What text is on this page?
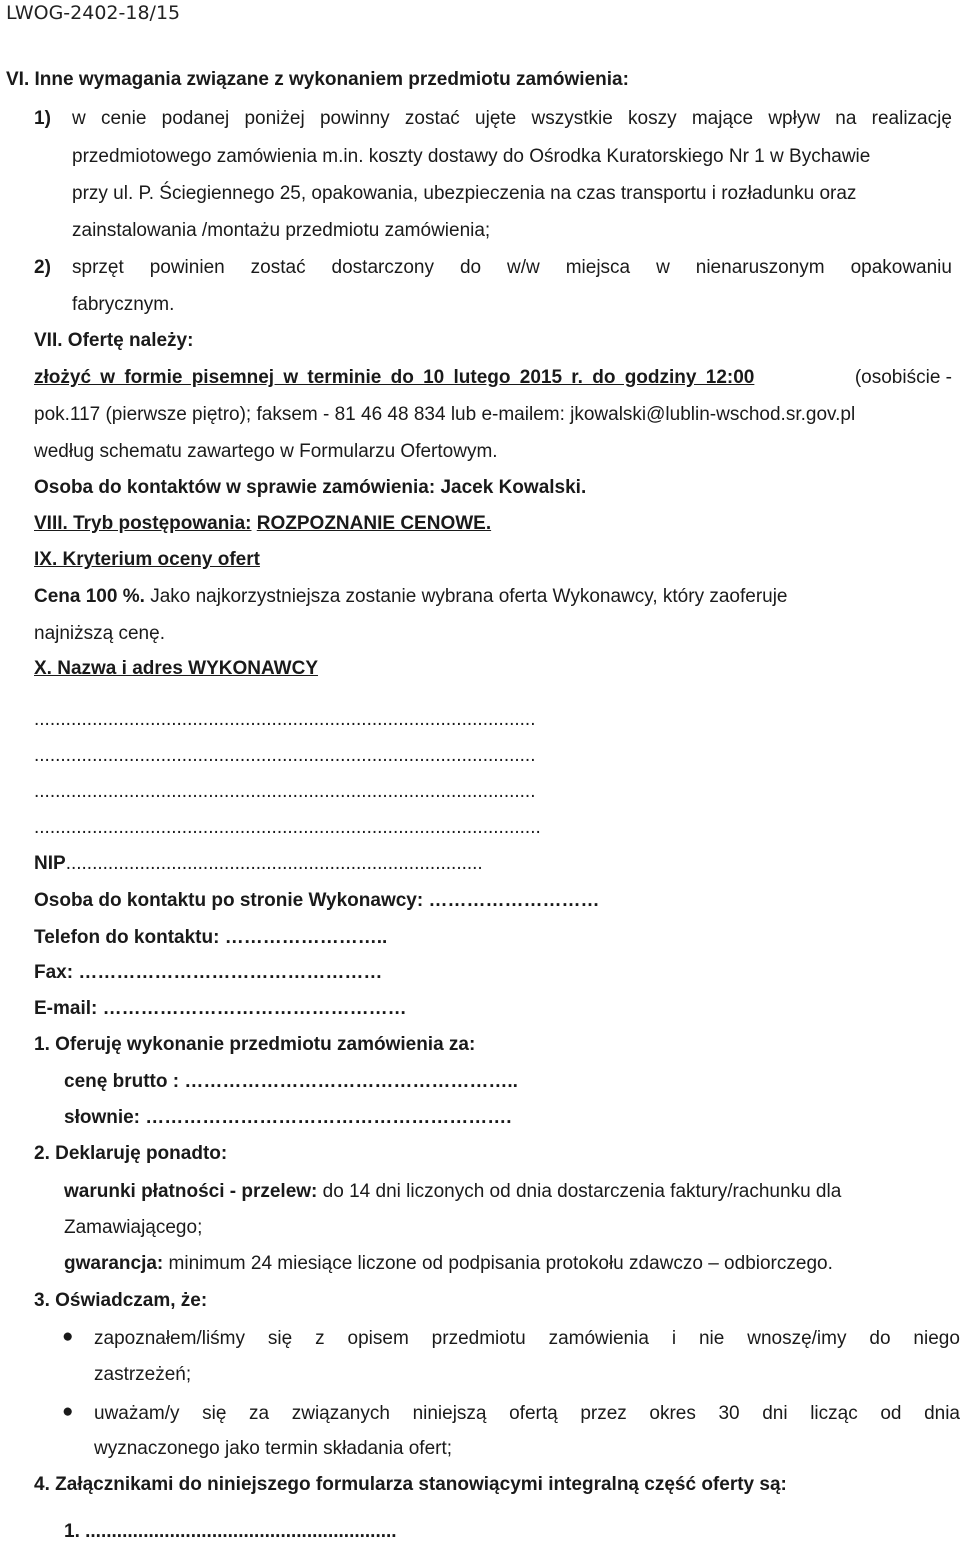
LWOG-2402-18/15
VI. Inne wymagania związane z wykonaniem przedmiotu zamówienia:
1) w cenie podanej poniżej powinny zostać ujęte wszystkie koszy mające wpływ na realizację
przedmiotowego zamówienia m.in. koszty dostawy do Ośrodka Kuratorskiego Nr 1 w Bychawie
przy ul. P. Ściegiennego 25, opakowania, ubezpieczenia na czas transportu i rozładunku oraz
zainstalowania /montażu przedmiotu zamówienia;
2) sprzęt powinien zostać dostarczony do w/w miejsca w nienaruszonym opakowaniu
fabrycznym.
VII. Ofertę należy:
złożyć w formie pisemnej w terminie do 10 lutego 2015 r. do godziny 12:00	(osobiście -
pok.117 (pierwsze piętro); faksem - 81 46 48 834 lub e-mailem: jkowalski@lublin-wschod.sr.gov.pl
według schematu zawartego w Formularzu Ofertowym.
Osoba do kontaktów w sprawie zamówienia: Jacek Kowalski.
VIII. Tryb postępowania: ROZPOZNANIE CENOWE.
IX. Kryterium oceny ofert
Cena 100 %. Jako najkorzystniejsza zostanie wybrana oferta Wykonawcy, który zaoferuje
najniższą cenę.
X. Nazwa i adres WYKONAWCY
...............................................................................................
...............................................................................................
...............................................................................................
................................................................................................
NIP...............................................................................
Osoba do kontaktu po stronie Wykonawcy: ………………………
Telefon do kontaktu: ……………………..
Fax: …………………………………………
E-mail: …………………………………………
1. Oferuję wykonanie przedmiotu zamówienia za:
cenę brutto : ……………………………………………..
słownie: ………………………………………………….
2. Deklaruję ponadto:
warunki płatności - przelew: do 14 dni liczonych od dnia dostarczenia faktury/rachunku dla
Zamawiającego;
gwarancja: minimum 24 miesiące liczone od podpisania protokołu zdawczo – odbiorczego.
3. Oświadczam, że:
● zapoznałem/liśmy się z opisem przedmiotu zamówienia i nie wnoszę/imy do niego
zastrzeżeń;
● uważam/y się za związanych niniejszą ofertą przez okres 30 dni licząc od dnia
wyznaczonego jako termin składania ofert;
4. Załącznikami do niniejszego formularza stanowiącymi integralną część oferty są:
1. ...........................................................
